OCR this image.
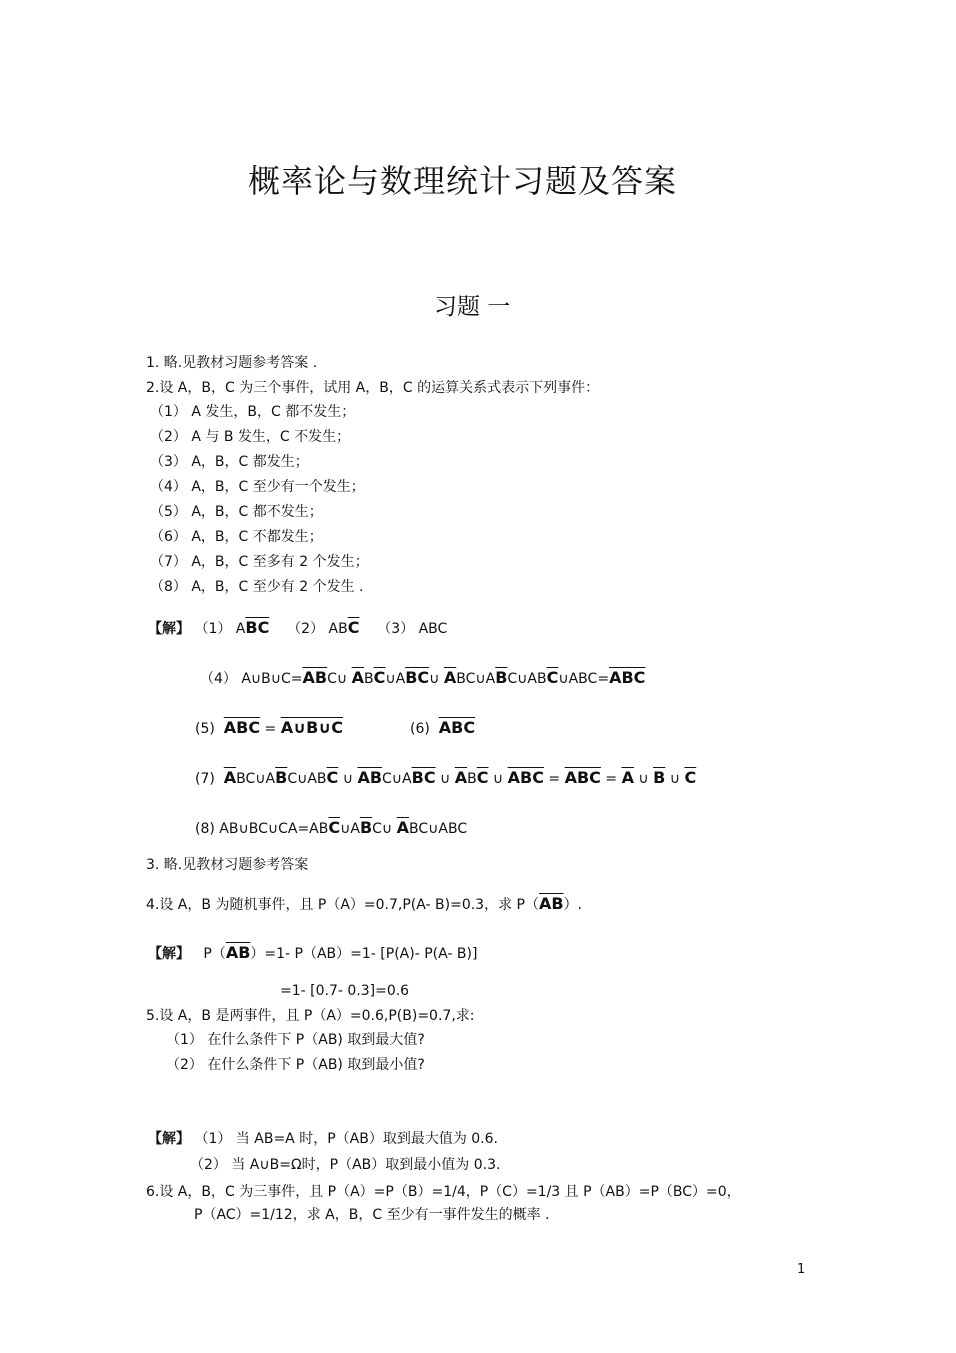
概率论与数理统计习题及答案
习题 一
1. 略.见教材习题参考答案 .
2.设 A，B，C 为三个事件，试用 A，B，C 的运算关系式表示下列事件：
（1） A 发生，B，C 都不发生；
（2） A 与 B 发生，C 不发生；
（3） A，B，C 都发生；
（4） A，B，C 至少有一个发生；
（5） A，B，C 都不发生；
（6） A，B，C 不都发生；
（7） A，B，C 至多有 2 个发生；
（8） A，B，C 至少有 2 个发生 .
【解】 （1） $A\overline{BC}$ （2） $AB\overline{C}$ （3） ABC
（4） $A\cup B\cup C=\overline{AB}C\cup$ $\overline{A}B\overline{C}\cup A\overline{BC}\cup$ $\overline{A}BC\cup A\overline{B}C\cup AB\overline{C}\cup ABC=\overline{ABC}$
(5) $\overline{ABC}$ = A∪B∪C	(6) $\overline{ABC}$
(7) $\overline{A}BC\cup A\overline{B}C\cup AB\overline{C}$ ∪ $\overline{AB}C\cup A\overline{BC}$ ∪ $\overline{A}B\overline{C}$ ∪ $\overline{ABC} = \overline{ABC} = \overline{A}$ ∪ $\overline{B}$ ∪ $\overline{C}$
(8) $AB\cup BC\cup CA=AB\overline{C}\cup A\overline{B}C\cup$ $\overline{A}BC\cup ABC$
3. 略.见教材习题参考答案
4.设 A，B 为随机事件，且 P（A）=0.7,P(A- B)=0.3，求 $P(\overline{AB})$.
【解】 $P(\overline{AB})=1-$ P（AB）=1- [P(A)- P(A- B)]
=1- [0.7- 0.3]=0.6
5.设 A，B 是两事件，且 P（A）=0.6,P(B)=0.7,求:
（1） 在什么条件下 P（AB) 取到最大值?
（2） 在什么条件下 P（AB) 取到最小值?
【解】 （1） 当 AB=A 时，P（AB）取到最大值为 0.6.
（2） 当 A∪B=Ω时，P（AB）取到最小值为 0.3.
6.设 A，B，C 为三事件，且 P（A）=P（B）=1/4，P（C）=1/3 且 P（AB）=P（BC）=0，
P（AC）=1/12，求 A，B，C 至少有一事件发生的概率 .
1
